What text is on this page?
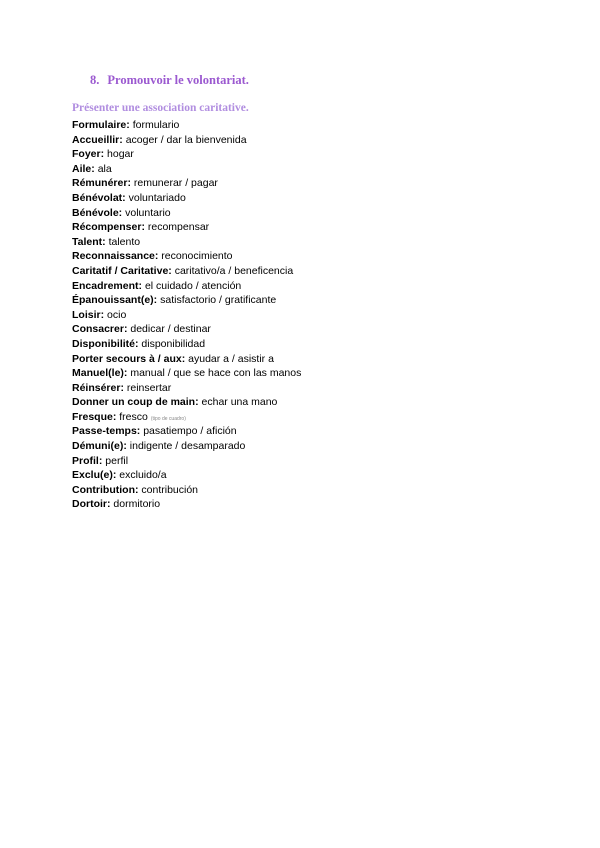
8. Promouvoir le volontariat.
Présenter une association caritative.
Formulaire: formulario
Accueillir: acoger / dar la bienvenida
Foyer: hogar
Aile: ala
Rémunérer: remunerar / pagar
Bénévolat: voluntariado
Bénévole: voluntario
Récompenser: recompensar
Talent: talento
Reconnaissance: reconocimiento
Caritatif / Caritative: caritativo/a / beneficencia
Encadrement: el cuidado / atención
Épanouissant(e): satisfactorio / gratificante
Loisir: ocio
Consacrer: dedicar / destinar
Disponibilité: disponibilidad
Porter secours à / aux: ayudar a / asistir a
Manuel(le): manual / que se hace con las manos
Réinsérer: reinsertar
Donner un coup de main: echar una mano
Fresque: fresco (tipo de cuadro)
Passe-temps: pasatiempo / afición
Démuni(e): indigente / desamparado
Profil: perfil
Exclu(e): excluido/a
Contribution: contribución
Dortoir: dormitorio
